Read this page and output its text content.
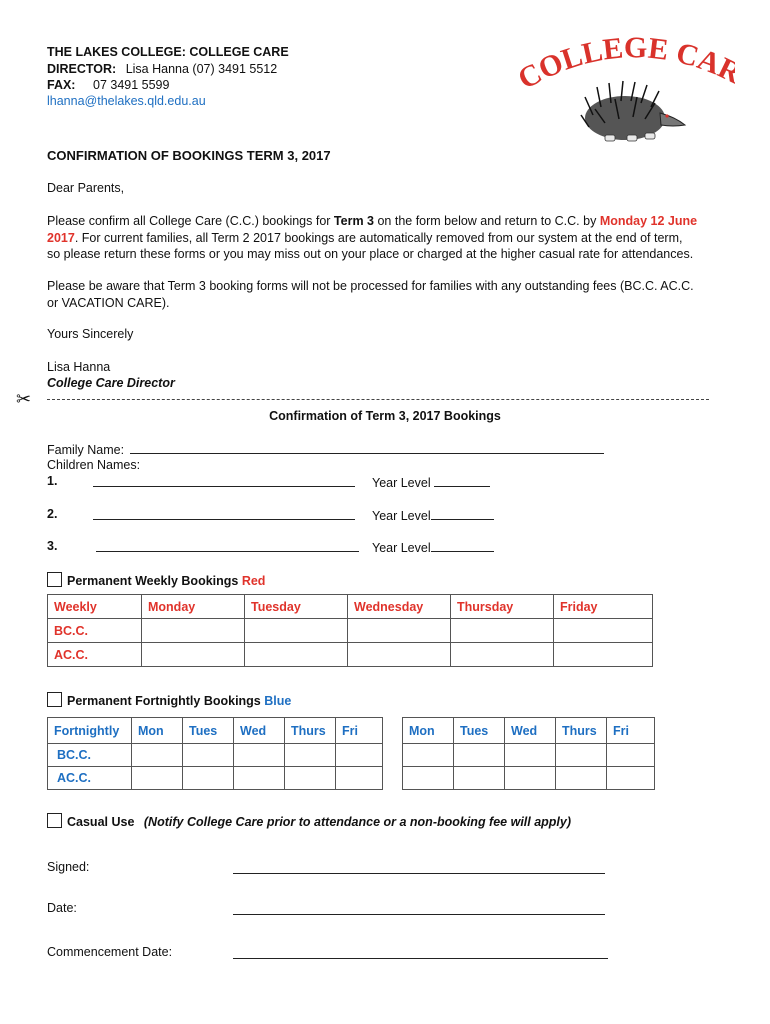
THE LAKES COLLEGE: COLLEGE CARE
DIRECTOR: Lisa Hanna (07) 3491 5512
FAX: 07 3491 5599
lhanna@thelakes.qld.edu.au
COLLEGE CA
CONFIRMATION OF BOOKINGS TERM 3, 2017
Dear Parents,
Please confirm all College Care (C.C.) bookings for Term 3 on the form below and return to C.C. by Monday 12 June
2017. For current families, all Term 2 2017 bookings are automatically removed from our system at the end of term,
so please return these forms or you may miss out on your place or charged at the higher casual rate for attendances.
Please be aware that Term 3 booking forms will not be processed for families with any outstanding fees (BC.C. AC.C.
or VACATION CARE).
Yours Sincerely
Lisa Hanna
College Care Director
✂
Confirmation of Term 3, 2017 Bookings
Family Name:
Children Names:
1.	Year Level
2.	Year Level
3.	Year Level
Permanent Weekly Bookings Red
Weekly	Monday	Tuesday	Wednesday	Thursday	Friday
BC.C.					
AC.C.					
Permanent Fortnightly Bookings Blue
Fortnightly	Mon	Tues	Wed	Thurs	Fri
BC.C.					
AC.C.					
Mon	Tues	Wed	Thurs	Fri

Casual Use (Notify College Care prior to attendance or a non-booking fee will apply)
Signed:
Date:
Commencement Date:
